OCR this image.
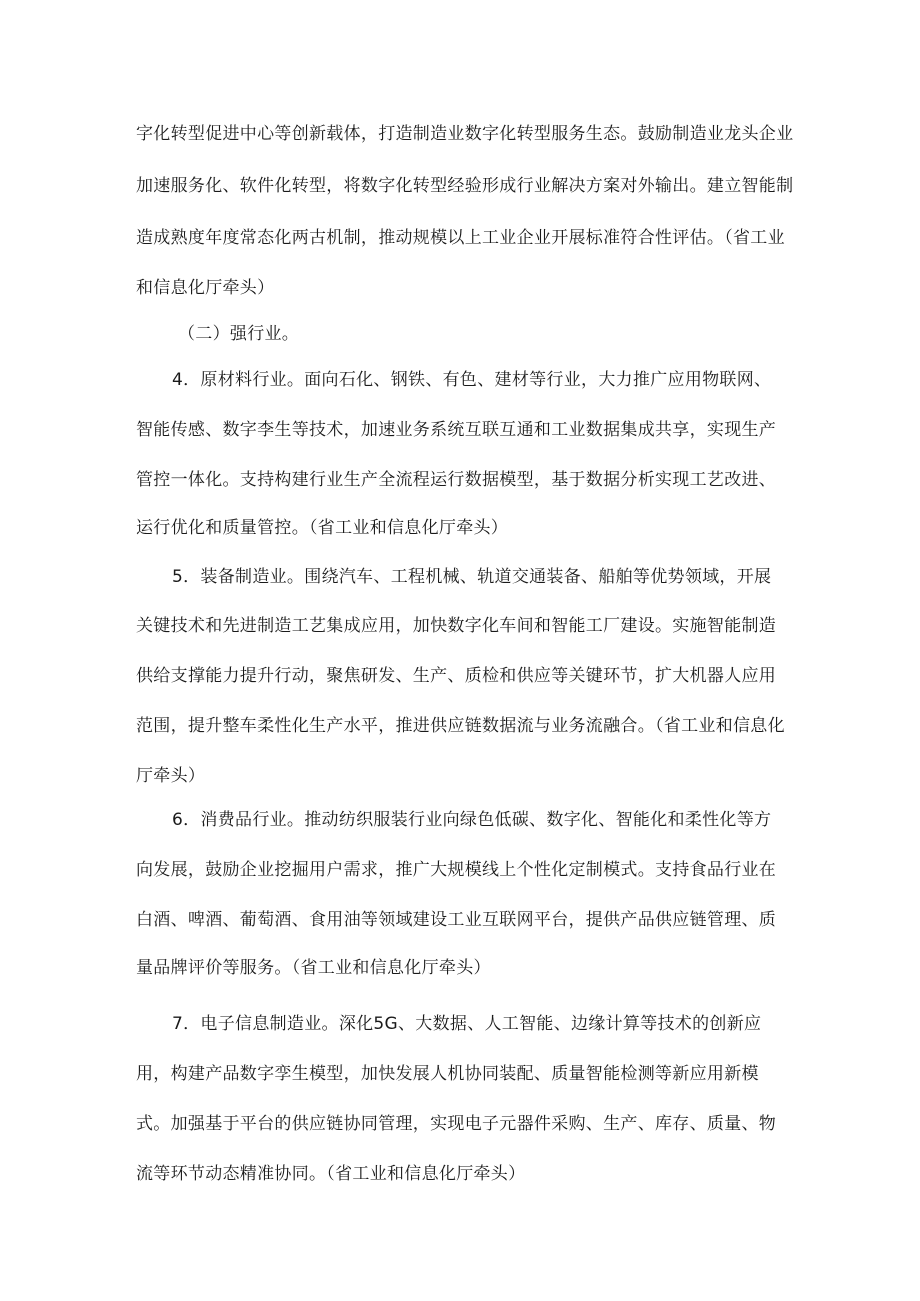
字化转型促进中心等创新载体，打造制造业数字化转型服务生态。鼓励制造业龙头企业
加速服务化、软件化转型，将数字化转型经验形成行业解决方案对外输出。建立智能制
造成熟度年度常态化两古机制，推动规模以上工业企业开展标准符合性评估。（省工业
和信息化厅牵头）
（二）强行业。
4．原材料行业。面向石化、钢铁、有色、建材等行业，大力推广应用物联网、
智能传感、数字李生等技术，加速业务系统互联互通和工业数据集成共享，实现生产
管控一体化。支持构建行业生产全流程运行数据模型，基于数据分析实现工艺改进、
运行优化和质量管控。（省工业和信息化厅牵头）
5．装备制造业。围绕汽车、工程机械、轨道交通装备、船舶等优势领域，开展
关键技术和先进制造工艺集成应用，加快数字化车间和智能工厂建设。实施智能制造
供给支撑能力提升行动，聚焦研发、生产、质检和供应等关键环节，扩大机器人应用
范围，提升整车柔性化生产水平，推进供应链数据流与业务流融合。（省工业和信息化
厅牵头）
6．消费品行业。推动纺织服装行业向绿色低碳、数字化、智能化和柔性化等方
向发展，鼓励企业挖掘用户需求，推广大规模线上个性化定制模式。支持食品行业在
白酒、啤酒、葡萄酒、食用油等领域建设工业互联网平台，提供产品供应链管理、质
量品牌评价等服务。（省工业和信息化厅牵头）
7．电子信息制造业。深化5G、大数据、人工智能、边缘计算等技术的创新应
用，构建产品数字孪生模型，加快发展人机协同装配、质量智能检测等新应用新模
式。加强基于平台的供应链协同管理，实现电子元器件采购、生产、库存、质量、物
流等环节动态精准协同。（省工业和信息化厅牵头）
